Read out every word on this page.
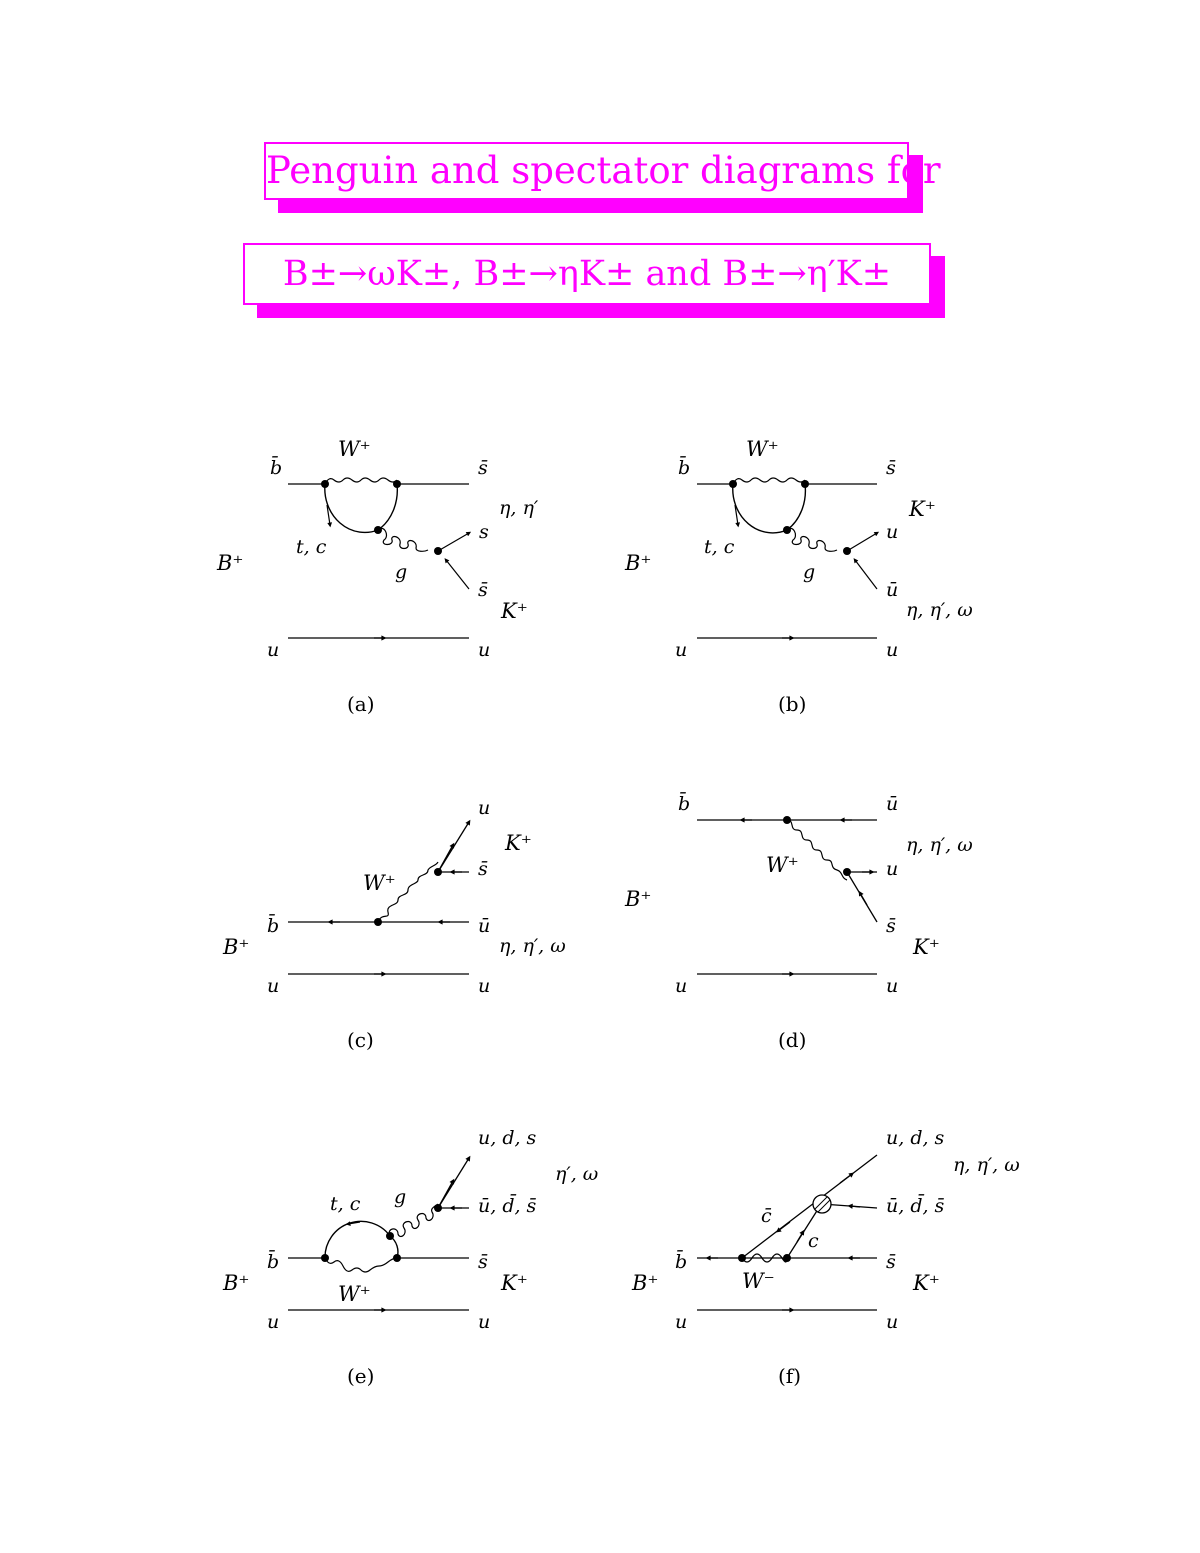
Penguin and spectator diagrams for
B±→ωK±, B±→ηK± and B±→η′K±
b̄
W⁺
s̄
η, η′
s
t, c
g
s̄
K⁺
B⁺
u	u
(a)
b̄
W⁺
s̄
K⁺
u
t, c
g
ū
η, η′, ω
B⁺
u	u
(b)
u
K⁺
s̄
W⁺
b̄	ū
η, η′, ω
B⁺
u	u
(c)
b̄	ū
η, η′, ω
W⁺	u
B⁺
s̄
K⁺
u	u
(d)
u, d, s
η′, ω
t, c g	ū, d̄, s̄
b̄	s̄
B⁺	W⁺	K⁺
u	u
(e)
u, d, s
η, η′, ω
c̄	ū, d̄, s̄
c
b̄	s̄
B⁺	W⁻	K⁺
u	u
(f)
